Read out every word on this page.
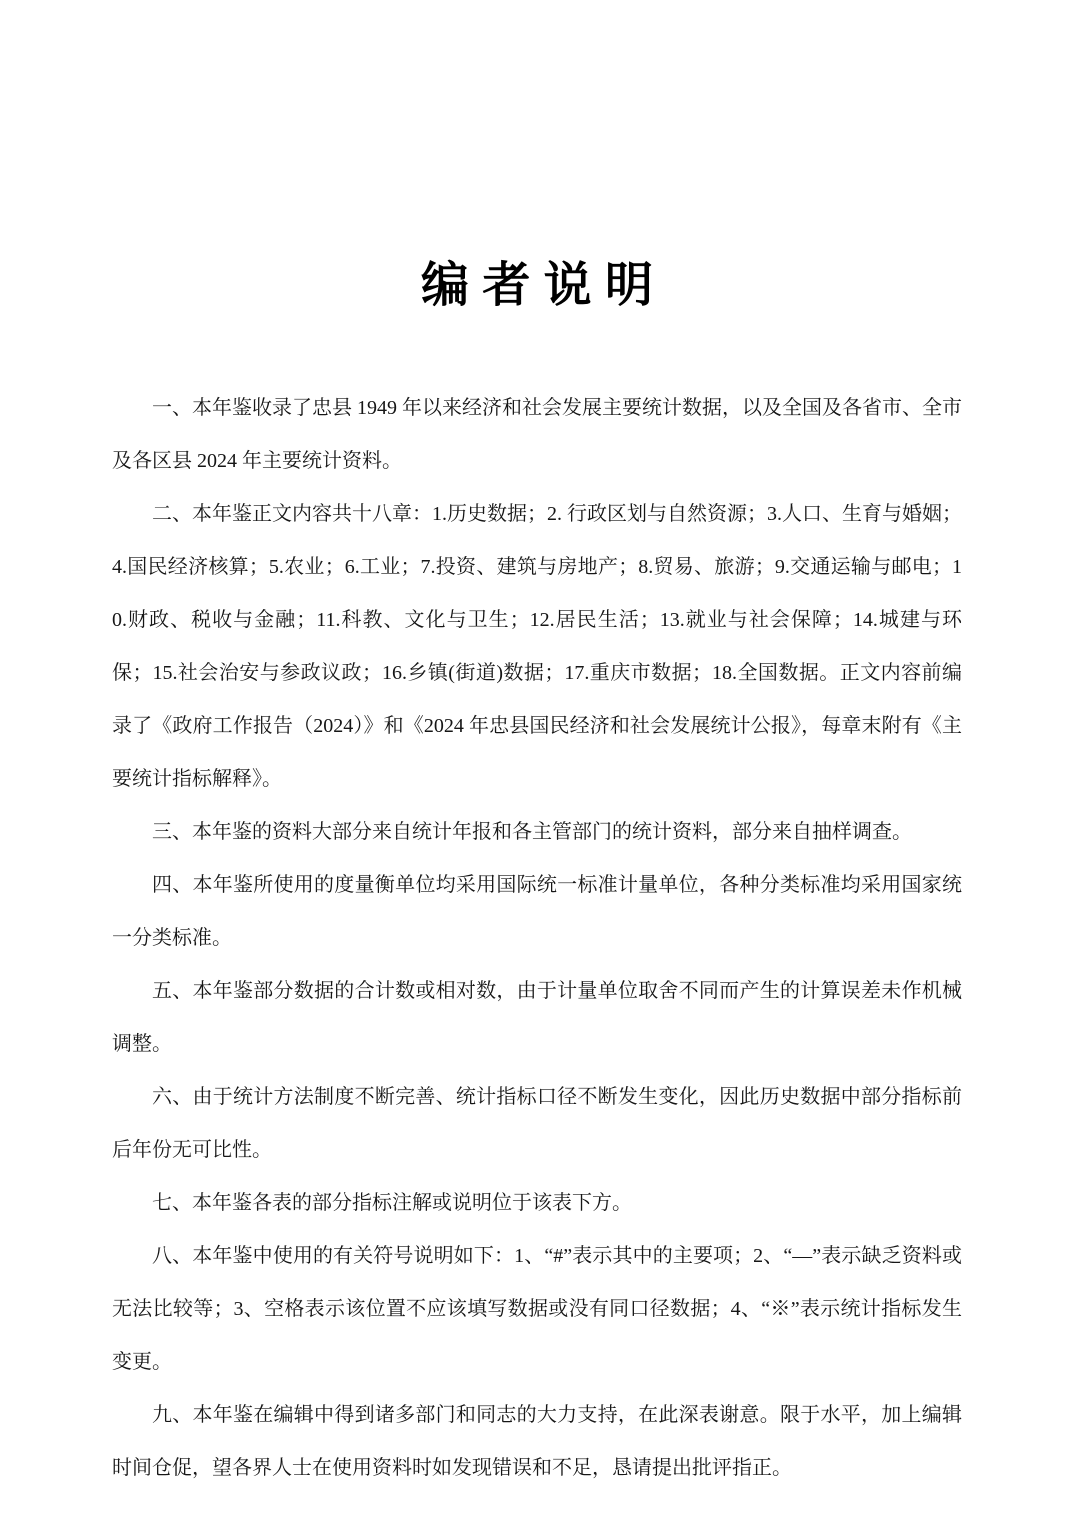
编 者 说 明

一、本年鉴收录了忠县 1949 年以来经济和社会发展主要统计数据，以及全国及各省市、全市及各区县 2024 年主要统计资料。

二、本年鉴正文内容共十八章：1.历史数据；2. 行政区划与自然资源；3.人口、生育与婚姻；4.国民经济核算；5.农业；6.工业；7.投资、建筑与房地产；8.贸易、旅游；9.交通运输与邮电；10.财政、税收与金融；11.科教、文化与卫生；12.居民生活；13.就业与社会保障；14.城建与环保；15.社会治安与参政议政；16.乡镇(街道)数据；17.重庆市数据；18.全国数据。正文内容前编录了《政府工作报告（2024）》和《2024 年忠县国民经济和社会发展统计公报》，每章末附有《主要统计指标解释》。

三、本年鉴的资料大部分来自统计年报和各主管部门的统计资料，部分来自抽样调查。

四、本年鉴所使用的度量衡单位均采用国际统一标准计量单位，各种分类标准均采用国家统一分类标准。

五、本年鉴部分数据的合计数或相对数，由于计量单位取舍不同而产生的计算误差未作机械调整。

六、由于统计方法制度不断完善、统计指标口径不断发生变化，因此历史数据中部分指标前后年份无可比性。

七、本年鉴各表的部分指标注解或说明位于该表下方。

八、本年鉴中使用的有关符号说明如下：1、“#”表示其中的主要项；2、“—”表示缺乏资料或无法比较等；3、空格表示该位置不应该填写数据或没有同口径数据；4、“※”表示统计指标发生变更。

九、本年鉴在编辑中得到诸多部门和同志的大力支持，在此深表谢意。限于水平，加上编辑时间仓促，望各界人士在使用资料时如发现错误和不足，恳请提出批评指正。
